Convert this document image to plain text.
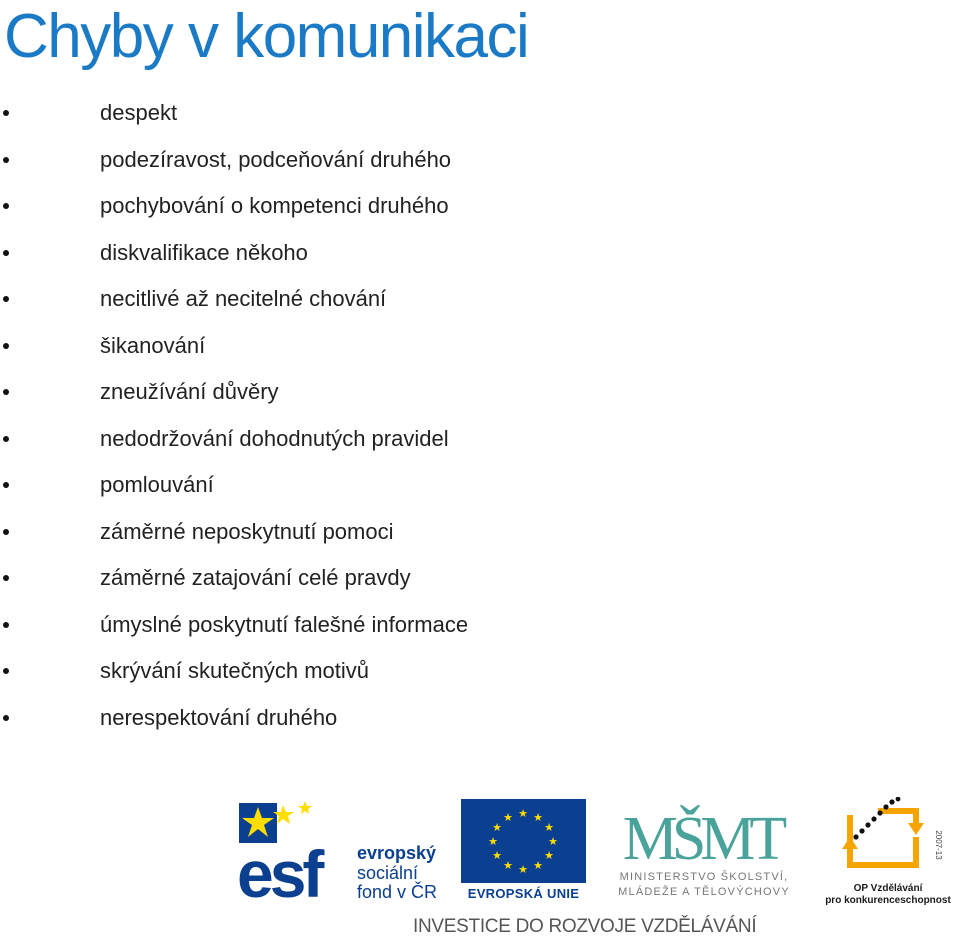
Chyby v komunikaci
despekt
podezíravost, podceňování druhého
pochybování o kompetenci druhého
diskvalifikace někoho
necitlivé až necitelné chování
šikanování
zneužívání důvěry
nedodržování dohodnutých pravidel
pomlouvání
záměrné neposkytnutí pomoci
záměrné zatajování celé pravdy
úmyslné poskytnutí falešné informace
skrývání skutečných motivů
nerespektování druhého
esf evropský
sociální
fond v ČR
★ ★
★
★
★
★
★
★
★
★
★
★
EVROPSKÁ UNIE
MŠMT
MINISTERSTVO ŠKOLSTVÍ,
MLÁDEŽE A TĚLOVÝCHOVY
2007-13
OP Vzdělávání
pro konkurenceschopnost
INVESTICE DO ROZVOJE VZDĚLÁVÁNÍ
